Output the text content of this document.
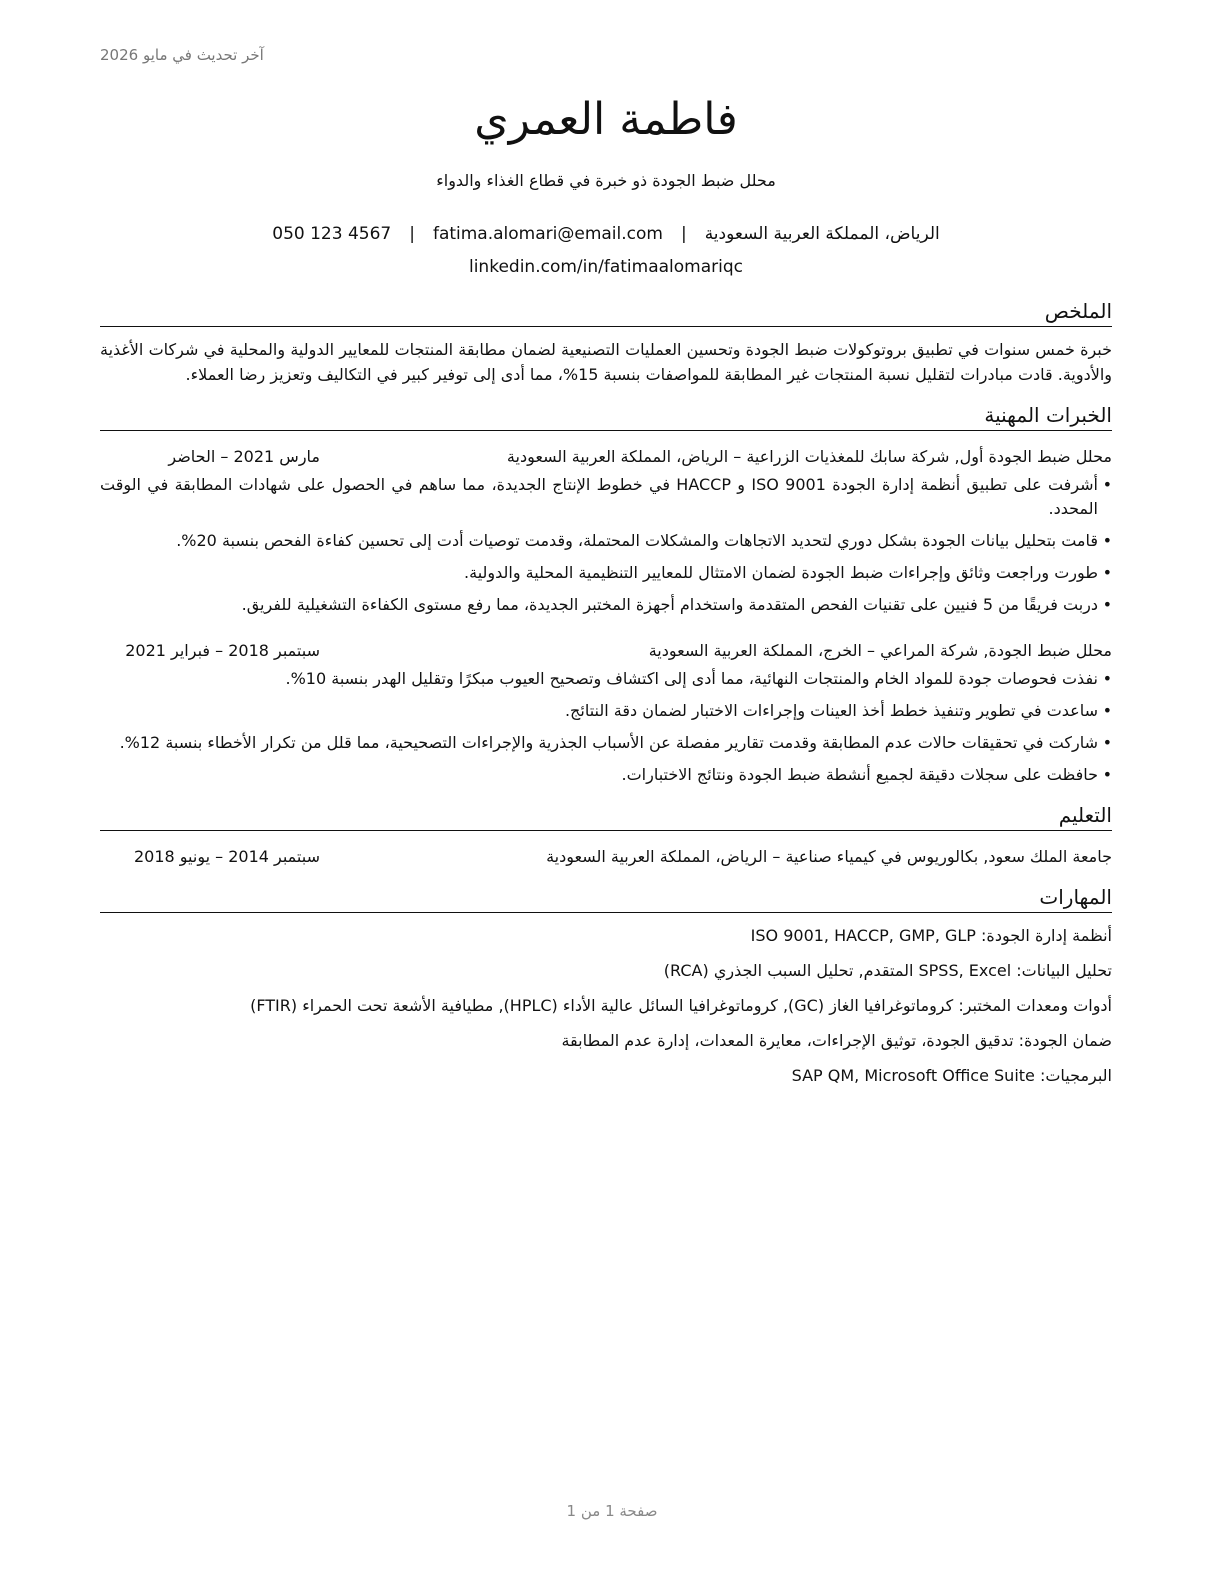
آخر تحديث في مايو 2026
فاطمة العمري
محلل ضبط الجودة ذو خبرة في قطاع الغذاء والدواء
الرياض، المملكة العربية السعودية|fatima.alomari@email.com|050 123 4567
linkedin.com/in/fatimaalomariqc
الملخص
خبرة خمس سنوات في تطبيق بروتوكولات ضبط الجودة وتحسين العمليات التصنيعية لضمان مطابقة المنتجات للمعايير الدولية والمحلية في شركات الأغذية والأدوية. قادت مبادرات لتقليل نسبة المنتجات غير المطابقة للمواصفات بنسبة 15%، مما أدى إلى توفير كبير في التكاليف وتعزيز رضا العملاء.
الخبرات المهنية
محلل ضبط الجودة أول, شركة سابك للمغذيات الزراعية – الرياض، المملكة العربية السعودية
مارس 2021 – الحاضر
• أشرفت على تطبيق أنظمة إدارة الجودة ISO 9001 و HACCP في خطوط الإنتاج الجديدة، مما ساهم في الحصول على شهادات المطابقة في الوقت المحدد.
• قامت بتحليل بيانات الجودة بشكل دوري لتحديد الاتجاهات والمشكلات المحتملة، وقدمت توصيات أدت إلى تحسين كفاءة الفحص بنسبة 20%.
• طورت وراجعت وثائق وإجراءات ضبط الجودة لضمان الامتثال للمعايير التنظيمية المحلية والدولية.
• دربت فريقًا من 5 فنيين على تقنيات الفحص المتقدمة واستخدام أجهزة المختبر الجديدة، مما رفع مستوى الكفاءة التشغيلية للفريق.
محلل ضبط الجودة, شركة المراعي – الخرج، المملكة العربية السعودية
سبتمبر 2018 – فبراير 2021
• نفذت فحوصات جودة للمواد الخام والمنتجات النهائية، مما أدى إلى اكتشاف وتصحيح العيوب مبكرًا وتقليل الهدر بنسبة 10%.
• ساعدت في تطوير وتنفيذ خطط أخذ العينات وإجراءات الاختبار لضمان دقة النتائج.
• شاركت في تحقيقات حالات عدم المطابقة وقدمت تقارير مفصلة عن الأسباب الجذرية والإجراءات التصحيحية، مما قلل من تكرار الأخطاء بنسبة 12%.
• حافظت على سجلات دقيقة لجميع أنشطة ضبط الجودة ونتائج الاختبارات.
التعليم
جامعة الملك سعود, بكالوريوس في كيمياء صناعية – الرياض، المملكة العربية السعودية
سبتمبر 2014 – يونيو 2018
المهارات
أنظمة إدارة الجودة: ISO 9001, HACCP, GMP, GLP
تحليل البيانات: SPSS, Excel المتقدم, تحليل السبب الجذري (RCA)
أدوات ومعدات المختبر: كروماتوغرافيا الغاز (GC), كروماتوغرافيا السائل عالية الأداء (HPLC), مطيافية الأشعة تحت الحمراء (FTIR)
ضمان الجودة: تدقيق الجودة، توثيق الإجراءات، معايرة المعدات، إدارة عدم المطابقة
البرمجيات: SAP QM, Microsoft Office Suite
صفحة 1 من 1
